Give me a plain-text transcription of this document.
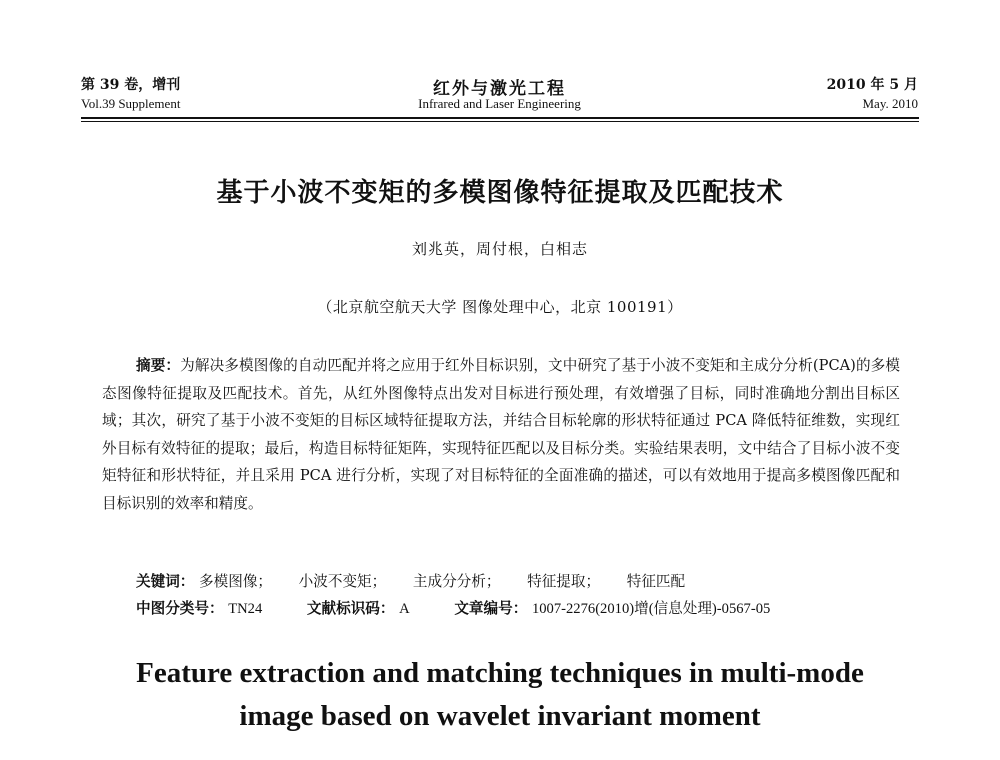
第 39 卷，增刊	红外与激光工程	2010 年 5 月
Vol.39 Supplement	Infrared and Laser Engineering	May. 2010
基于小波不变矩的多模图像特征提取及匹配技术
刘兆英，周付根，白相志
（北京航空航天大学 图像处理中心，北京 100191）
摘要：为解决多模图像的自动匹配并将之应用于红外目标识别，文中研究了基于小波不变矩和主成分分析(PCA)的多模态图像特征提取及匹配技术。首先，从红外图像特点出发对目标进行预处理，有效增强了目标，同时准确地分割出目标区域；其次，研究了基于小波不变矩的目标区域特征提取方法，并结合目标轮廓的形状特征通过 PCA 降低特征维数，实现红外目标有效特征的提取；最后，构造目标特征矩阵，实现特征匹配以及目标分类。实验结果表明，文中结合了目标小波不变矩特征和形状特征，并且采用 PCA 进行分析，实现了对目标特征的全面准确的描述，可以有效地用于提高多模图像匹配和目标识别的效率和精度。
关键词： 多模图像； 小波不变矩； 主成分分析； 特征提取； 特征匹配
中图分类号： TN24	文献标识码： A	文章编号： 1007-2276(2010)增(信息处理)-0567-05
Feature extraction and matching techniques in multi-mode
image based on wavelet invariant moment
